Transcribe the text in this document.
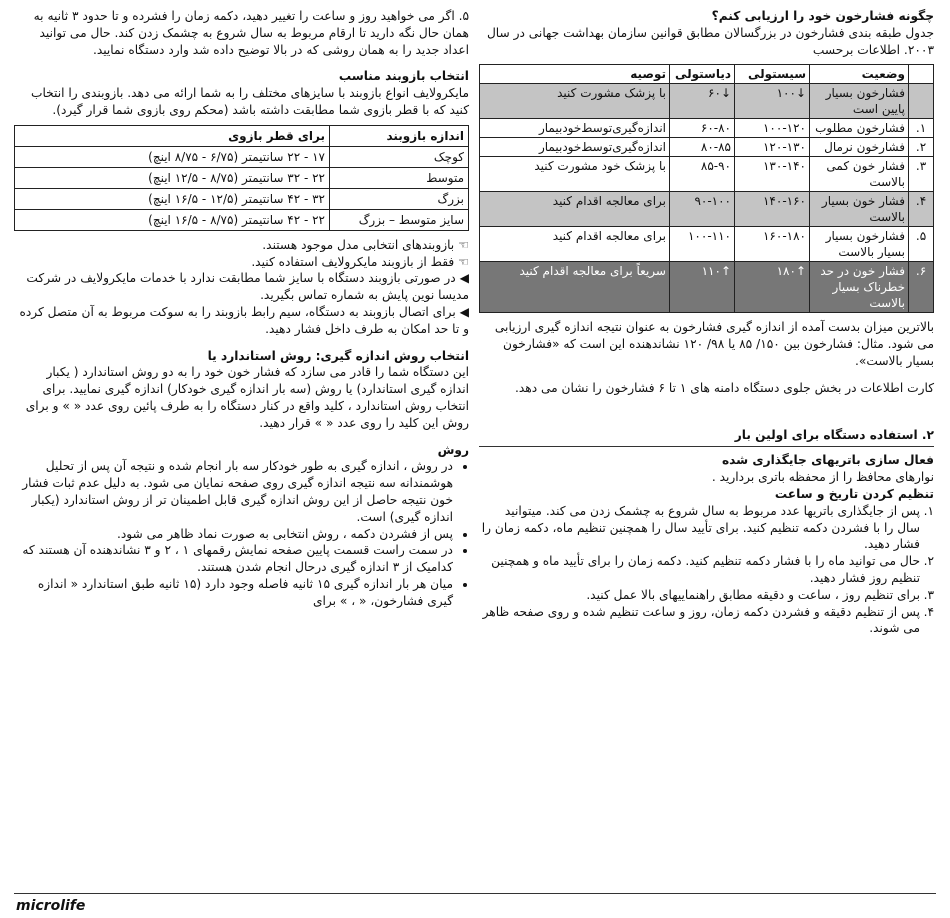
چگونه فشارخون خود را ارزیابی کنم؟

جدول طبقه بندی فشارخون در بزرگسالان مطابق قوانین سازمان بهداشت جهانی در سال ۲۰۰۳. اطلاعات برحسب

	وضعیت	سیستولی	دیاستولی	توصیه
	فشارخون بسیار پایین است	↓۱۰۰	↓۶۰	با پزشک مشورت کنید
۱.	فشارخون مطلوب	۱۰۰-۱۲۰	۶۰-۸۰	اندازه‌گیری‌توسط‌خودبیمار
۲.	فشارخون نرمال	۱۲۰-۱۳۰	۸۰-۸۵	اندازه‌گیری‌توسط‌خودبیمار
۳.	فشار خون کمی بالاست	۱۳۰-۱۴۰	۸۵-۹۰	با پزشک خود مشورت کنید
۴.	فشار خون بسیار بالاست	۱۴۰-۱۶۰	۹۰-۱۰۰	برای معالجه اقدام کنید
۵.	فشارخون بسیار بسیار بالاست	۱۶۰-۱۸۰	۱۰۰-۱۱۰	برای معالجه اقدام کنید
۶.	فشار خون در حد خطرناک بسیار بالاست	↑۱۸۰	↑۱۱۰	سریعاً برای معالجه اقدام کنید

بالاترین میزان بدست آمده از اندازه گیری فشارخون به عنوان نتیجه اندازه گیری ارزیابی می شود. مثال: فشارخون بین ۱۵۰/ ۸۵ یا ۹۸/ ۱۲۰ نشاندهنده این است که «فشارخون بسیار بالاست».

کارت اطلاعات در بخش جلوی دستگاه دامنه های ۱ تا ۶ فشارخون را نشان می دهد.

۲. استفاده دستگاه برای اولین بار

فعال سازی باتریهای جایگذاری شده

نوارهای محافظ را از محفظه باتری بردارید .

تنظیم کردن تاریخ و ساعت

۱.
پس از جایگذاری باتریها عدد مربوط به سال شروع به چشمک زدن می کند. میتوانید سال را با فشردن دکمه تنظیم کنید. برای تأیید سال را همچنین تنظیم ماه، دکمه زمان را فشار دهید.
۲.
حال می توانید ماه را با فشار دکمه تنظیم کنید. دکمه زمان را برای تأیید ماه و همچنین تنظیم روز فشار دهید.
۳.
برای تنظیم روز ، ساعت و دقیقه مطابق راهنماییهای بالا عمل کنید.
۴.
پس از تنظیم دقیقه و فشردن دکمه زمان، روز و ساعت تنظیم شده و روی صفحه ظاهر می شوند.

۵. اگر می خواهید روز و ساعت را تغییر دهید، دکمه زمان را فشرده و تا حدود ۳ ثانیه به همان حال نگه دارید تا ارقام مربوط به سال شروع به چشمک زدن کند. حال می توانید اعداد جدید را به همان روشی که در بالا توضیح داده شد وارد دستگاه نمایید.

انتخاب بازوبند مناسب

مایکرولایف انواع بازوبند با سایزهای مختلف را به شما ارائه می دهد. بازوبندی را انتخاب کنید که با قطر بازوی شما مطابقت داشته باشد (محکم روی بازوی شما قرار گیرد).

اندازه بازوبند	برای قطر بازوی
کوچک	۱۷ - ۲۲ سانتیمتر (۶/۷۵ - ۸/۷۵ اینچ)
متوسط	۲۲ - ۳۲ سانتیمتر (۸/۷۵ - ۱۲/۵ اینچ)
بزرگ	۳۲ - ۴۲ سانتیمتر (۱۲/۵ - ۱۶/۵ اینچ)
سایز متوسط – بزرگ	۲۲ - ۴۲ سانتیمتر (۸/۷۵ - ۱۶/۵ اینچ)

☜ بازوبندهای انتخابی مدل موجود هستند.

☜ فقط از بازوبند مایکرولایف استفاده کنید.

◀ در صورتی بازوبند دستگاه با سایز شما مطابقت ندارد با خدمات مایکرولایف در شرکت مدیسا نوین پایش به شماره تماس بگیرید.

◀ برای اتصال بازوبند به دستگاه، سیم رابط بازوبند را به سوکت مربوط به آن متصل کرده و تا حد امکان به طرف داخل فشار دهید.

انتخاب روش اندازه گیری: روش استاندارد یا

این دستگاه شما را قادر می سازد که فشار خون خود را به دو روش استاندارد ( یکبار اندازه گیری استاندارد) یا روش (سه بار اندازه گیری خودکار) اندازه گیری نمایید. برای انتخاب روش استاندارد ، کلید واقع در کنار دستگاه را به طرف پائین روی عدد « » و برای روش این کلید را روی عدد « » قرار دهید.

روش

• در روش ، اندازه گیری به طور خودکار سه بار انجام شده و نتیجه آن پس از تحلیل هوشمندانه سه نتیجه اندازه گیری روی صفحه نمایان می شود. به دلیل عدم ثبات فشار خون نتیجه حاصل از این روش اندازه گیری قابل اطمینان تر از روش استاندارد (یکبار اندازه گیری) است.
• پس از فشردن دکمه ، روش انتخابی به صورت نماد ظاهر می شود.
• در سمت راست قسمت پایین صفحه نمایش رقمهای ۱ ، ۲ و ۳ نشاندهنده آن هستند که کدامیک از ۳ اندازه گیری درحال انجام شدن هستند.
• میان هر بار اندازه گیری ۱۵ ثانیه فاصله وجود دارد (۱۵ ثانیه طبق استاندارد « اندازه گیری فشارخون، « ، » برای
microlife
